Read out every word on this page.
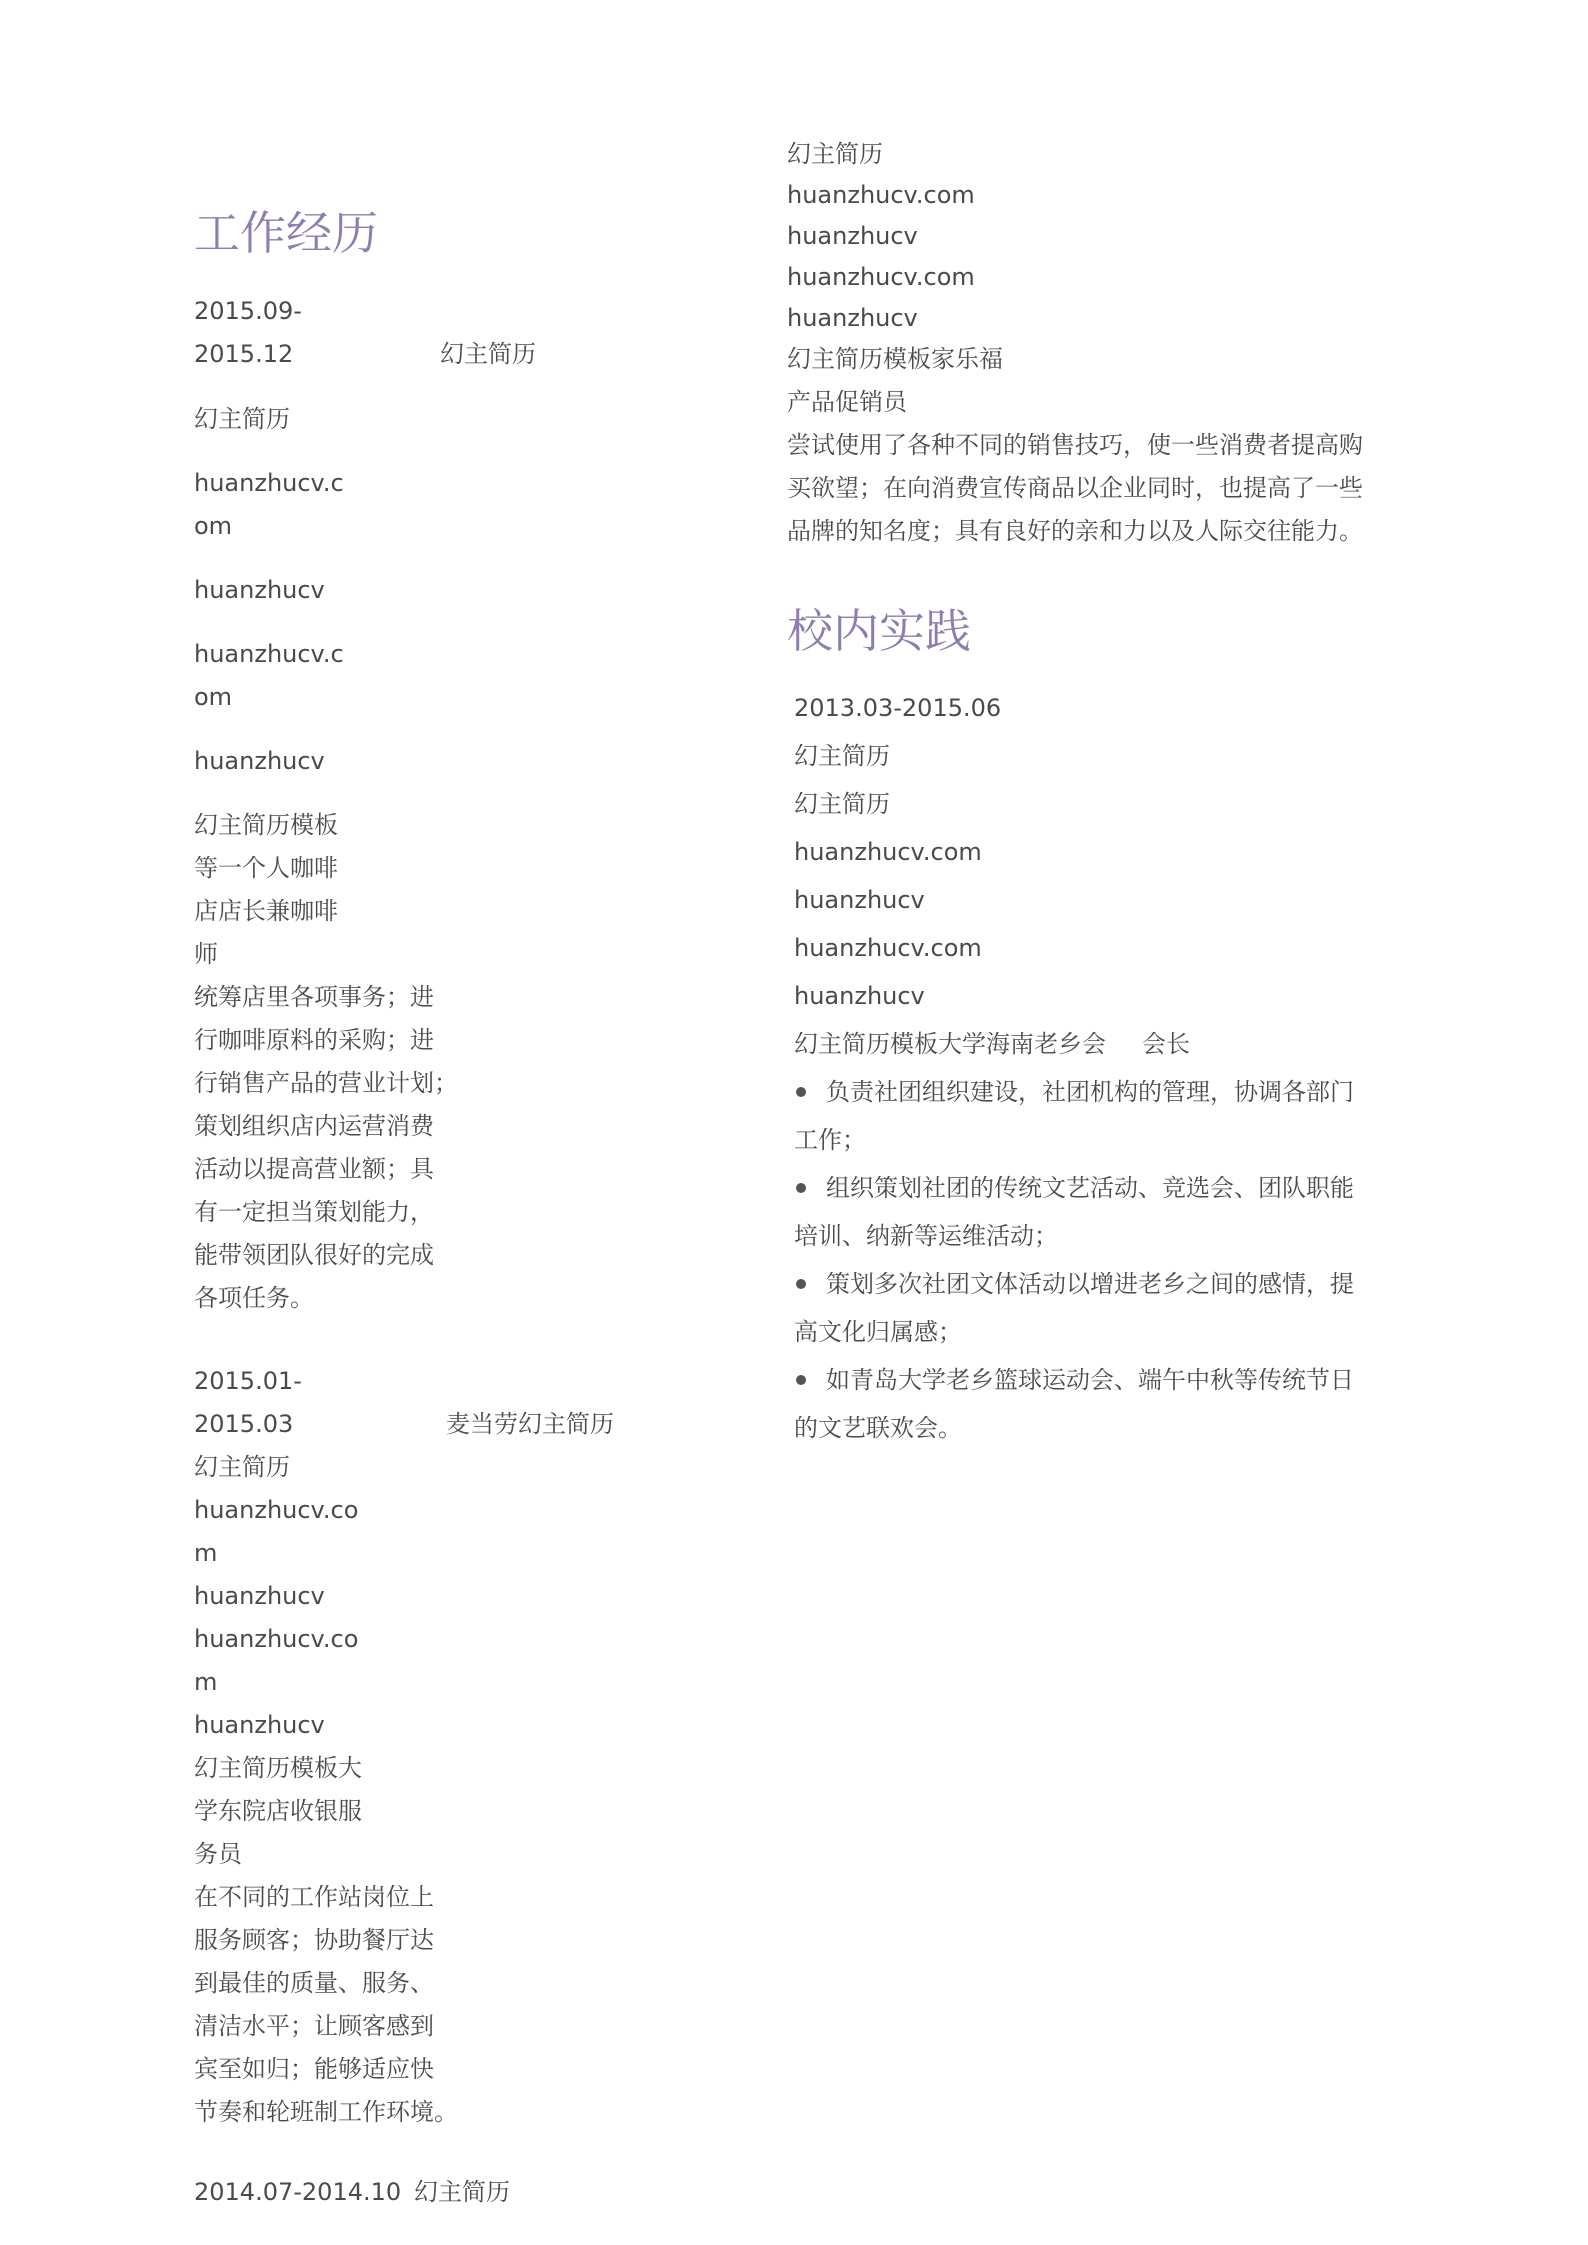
工作经历
2015.09-
2015.12	幻主简历
幻主简历
huanzhucv.c
om
huanzhucv
huanzhucv.c
om
huanzhucv
幻主简历模板
等一个人咖啡
店店长兼咖啡
师
统筹店里各项事务；进
行咖啡原料的采购；进
行销售产品的营业计划；
策划组织店内运营消费
活动以提高营业额；具
有一定担当策划能力，
能带领团队很好的完成
各项任务。
2015.01-
2015.03	麦当劳幻主简历
幻主简历
huanzhucv.co
m
huanzhucv
huanzhucv.co
m
huanzhucv
幻主简历模板大
学东院店收银服
务员
在不同的工作站岗位上
服务顾客；协助餐厅达
到最佳的质量、服务、
清洁水平；让顾客感到
宾至如归；能够适应快
节奏和轮班制工作环境。
2014.07-2014.10 幻主简历
幻主简历
huanzhucv.com
huanzhucv
huanzhucv.com
huanzhucv
幻主简历模板家乐福
产品促销员
尝试使用了各种不同的销售技巧，使一些消费者提高购
买欲望；在向消费宣传商品以企业同时，也提高了一些
品牌的知名度；具有良好的亲和力以及人际交往能力。
校内实践
2013.03-2015.06
幻主简历
幻主简历
huanzhucv.com
huanzhucv
huanzhucv.com
huanzhucv
幻主简历模板大学海南老乡会 会长
负责社团组织建设，社团机构的管理，协调各部门
工作；
组织策划社团的传统文艺活动、竞选会、团队职能
培训、纳新等运维活动；
策划多次社团文体活动以增进老乡之间的感情，提
高文化归属感；
如青岛大学老乡篮球运动会、端午中秋等传统节日
的文艺联欢会。
